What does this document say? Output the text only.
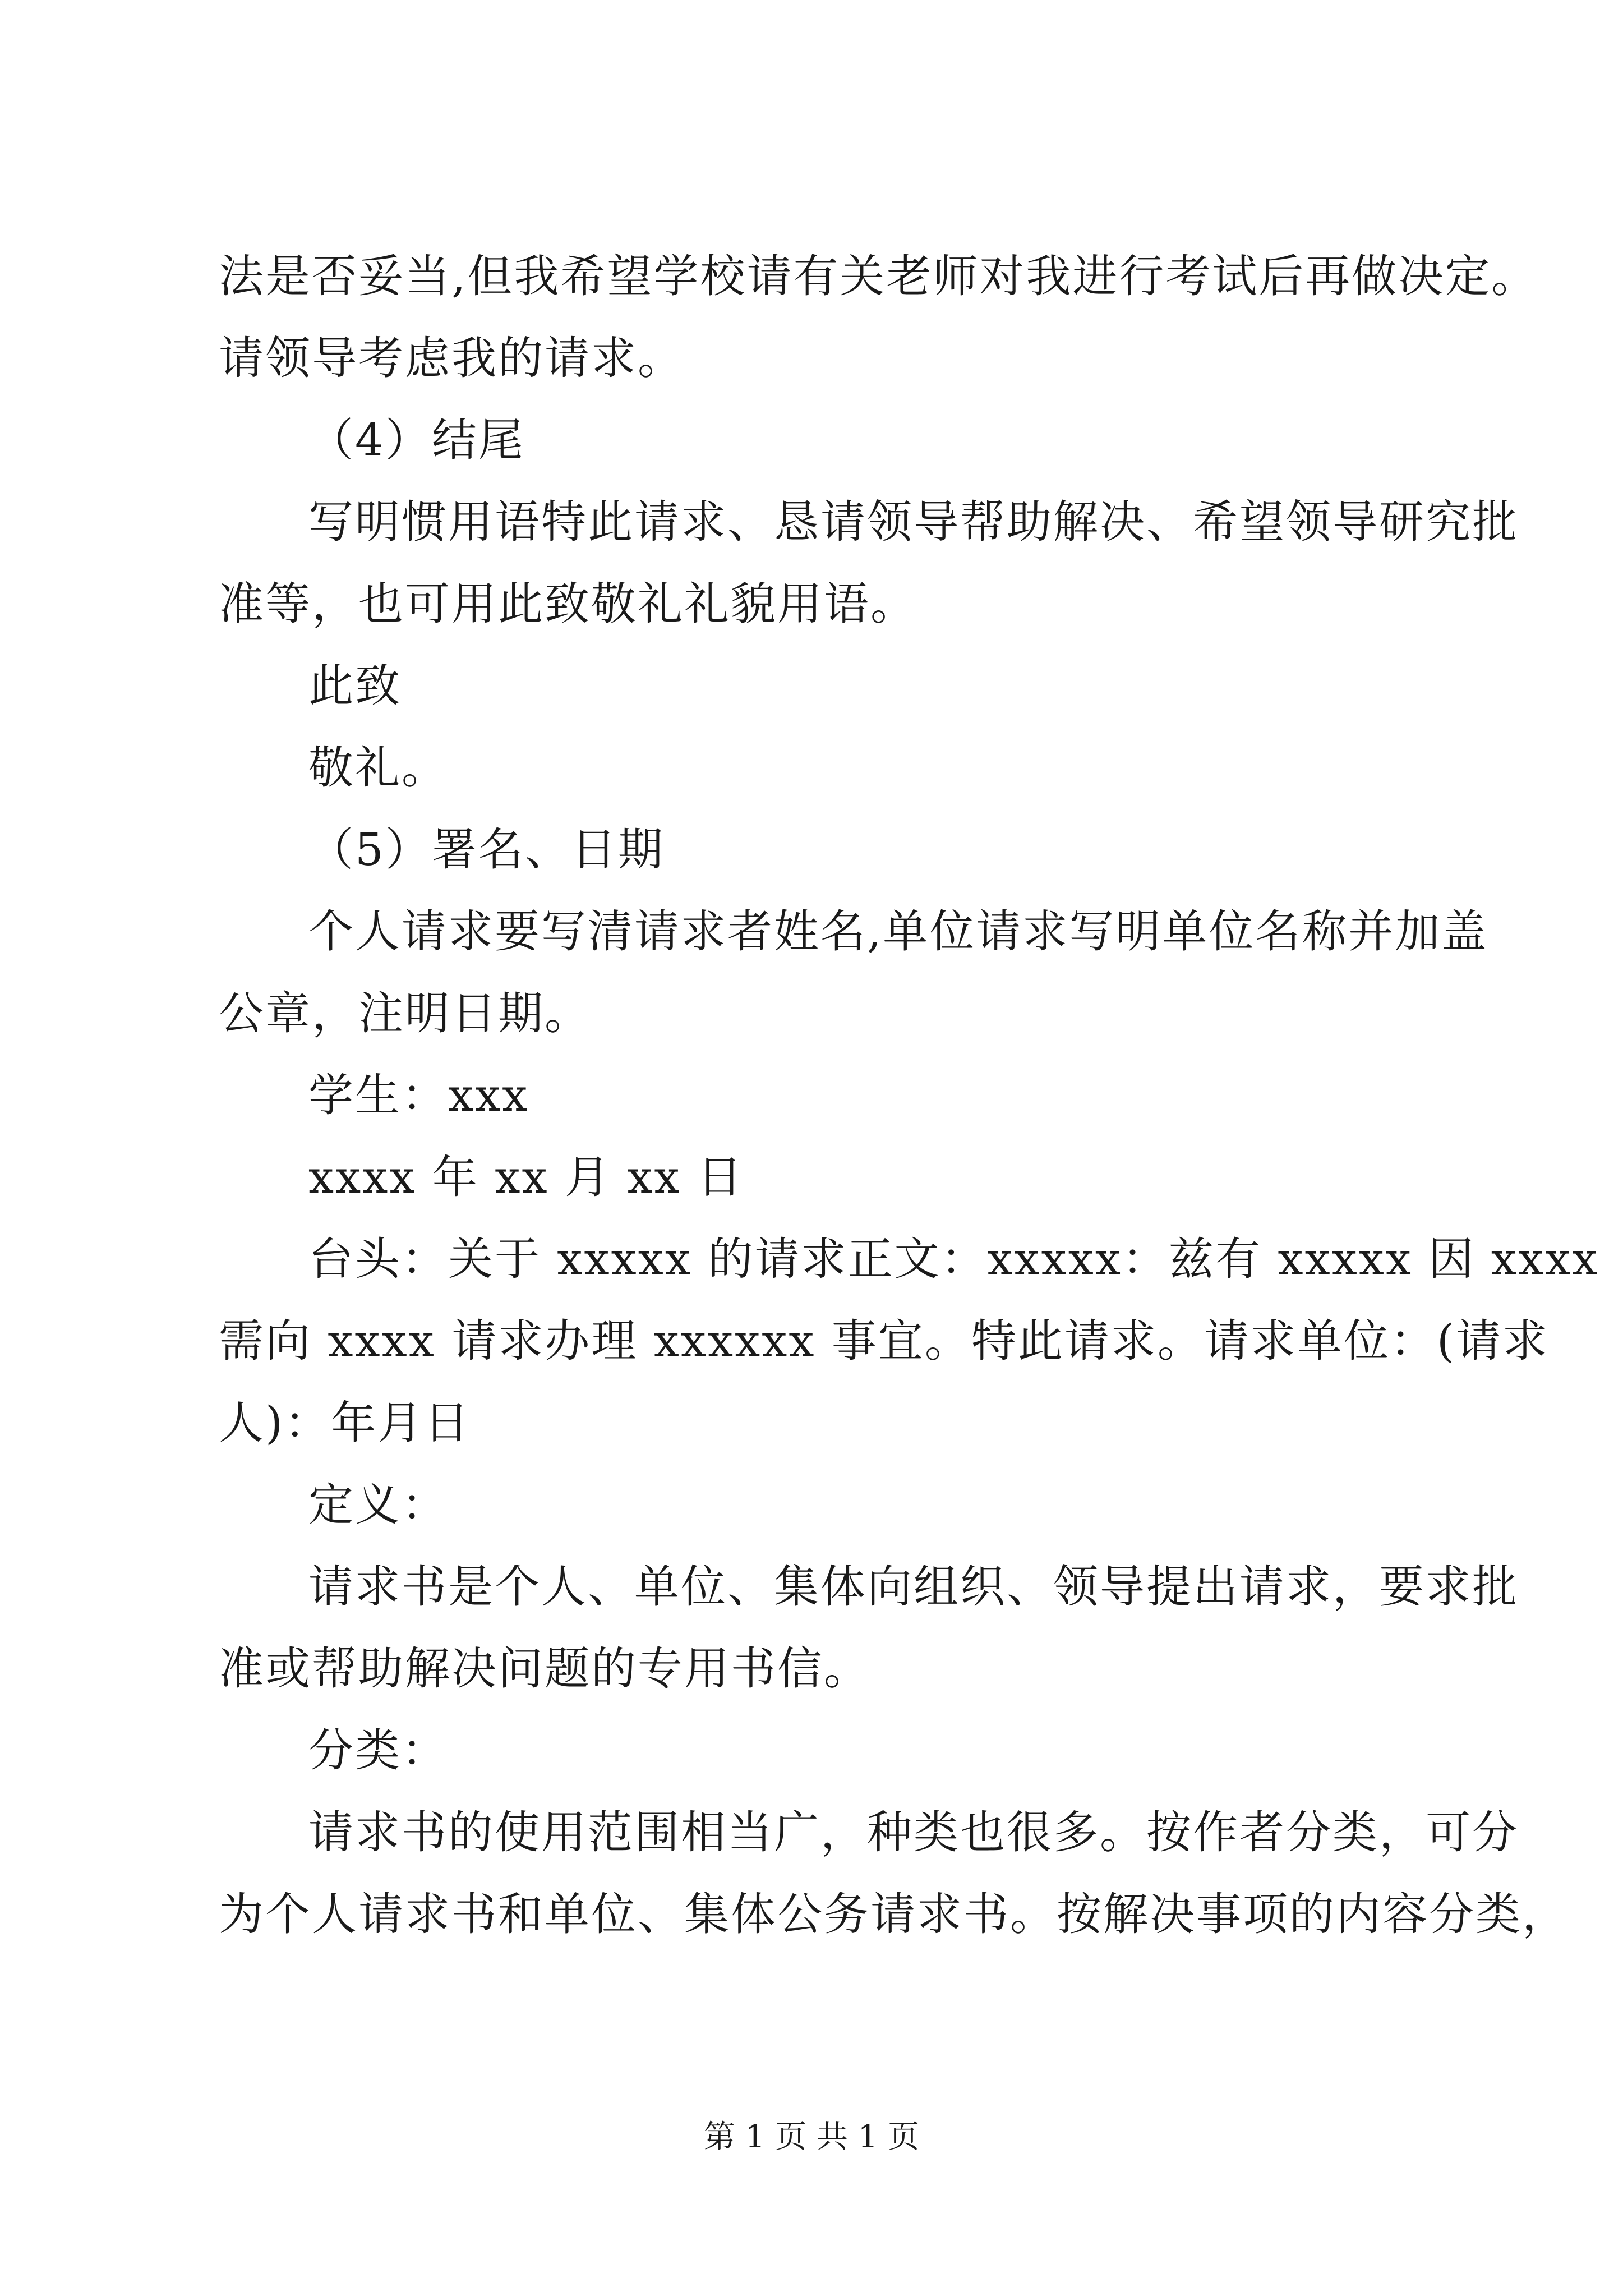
法是否妥当,但我希望学校请有关老师对我进行考试后再做决定。
请领导考虑我的请求。
（4）结尾
写明惯用语特此请求、恳请领导帮助解决、希望领导研究批
准等，也可用此致敬礼礼貌用语。
此致
敬礼。
（5）署名、日期
个人请求要写清请求者姓名,单位请求写明单位名称并加盖
公章，注明日期。
学生：xxx
xxxx 年 xx 月 xx 日
台头：关于 xxxxx 的请求正文：xxxxx：兹有 xxxxx 因 xxxx
需向 xxxx 请求办理 xxxxxx 事宜。特此请求。请求单位：(请求
人)：年月日
定义：
请求书是个人、单位、集体向组织、领导提出请求，要求批
准或帮助解决问题的专用书信。
分类：
请求书的使用范围相当广，种类也很多。按作者分类，可分
为个人请求书和单位、集体公务请求书。按解决事项的内容分类，
第 1 页 共 1 页
